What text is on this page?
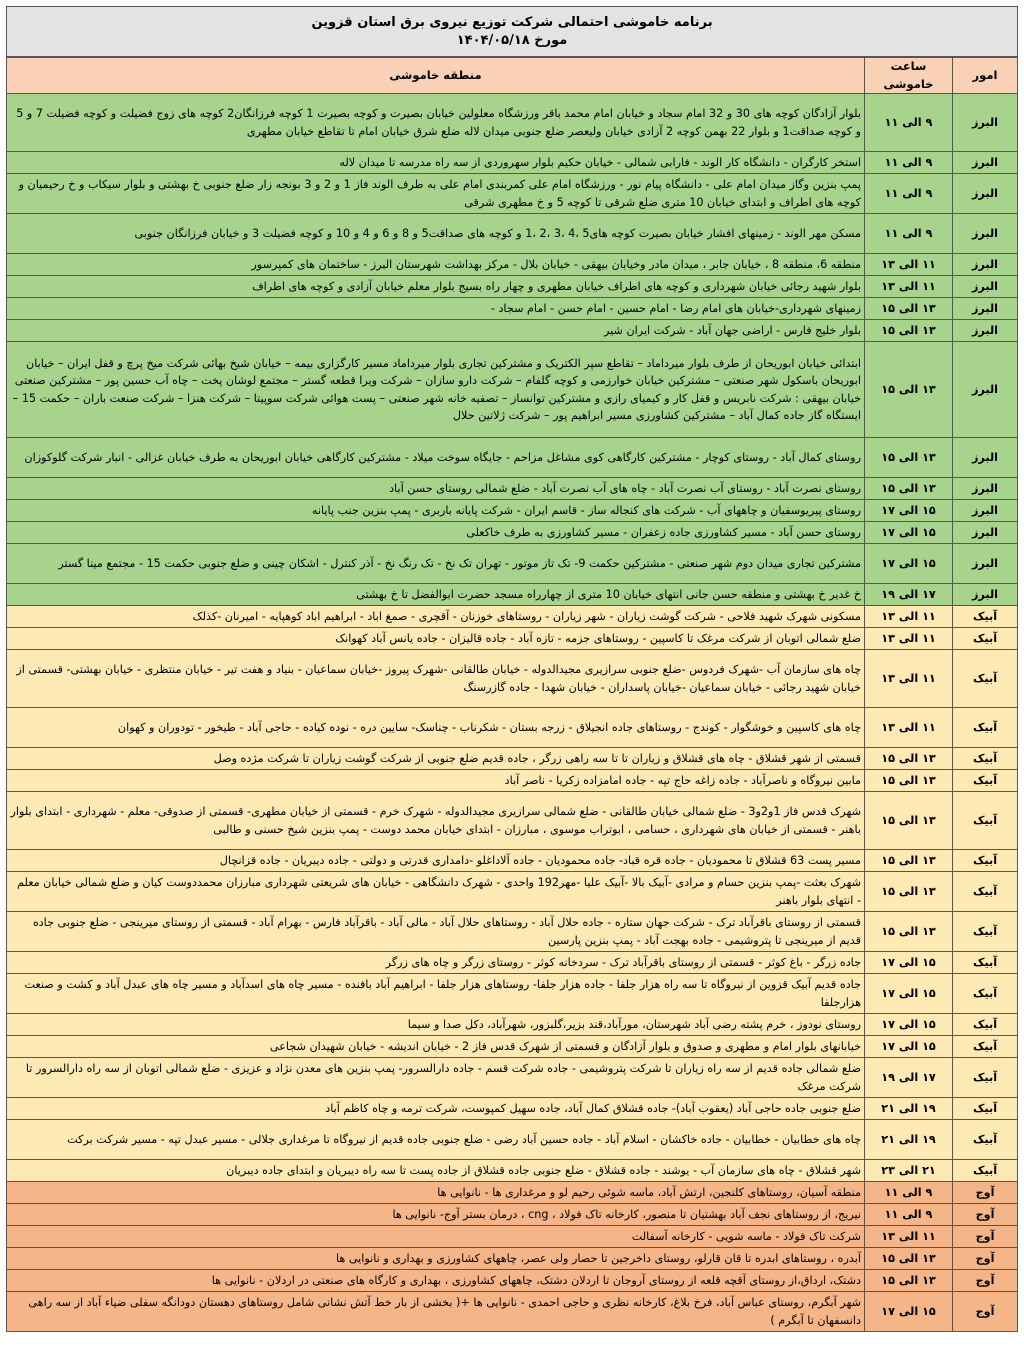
برنامه خاموشی احتمالی شرکت توزیع نیروی برق استان قزوین
مورخ ۱۴۰۴/۰۵/۱۸
امور	ساعت خاموشی	منطقه خاموشی
البرز	۹ الی ۱۱	بلوار آزادگان کوچه های 30 و 32 امام سجاد و خیابان امام محمد باقر ورزشگاه معلولین خیابان بصیرت و کوچه بصیرت 1 کوچه فرزانگان2 کوچه های زوج فضیلت و کوچه فضیلت 7 و 5 و کوچه صداقت1 و بلوار 22 بهمن کوچه 2 آزادی خیابان ولیعصر ضلع جنوبی میدان لاله ضلع شرق خیابان امام تا تقاطع خیابان مطهری
البرز	۹ الی ۱۱	استخر کارگران - دانشگاه کار الوند - فارابی شمالی - خیابان حکیم بلوار سهروردی از سه راه مدرسه تا میدان لاله
البرز	۹ الی ۱۱	پمپ بنزین وگاز میدان امام علی - دانشگاه پیام نور - ورزشگاه امام علی کمربندی امام علی به طرف الوند فاز 1 و 2 و 3 بونجه زار ضلع جنوبی خ بهشتی و بلوار سیکاب و خ رحیمیان و کوچه های اطراف و ابتدای خیابان 10 متری ضلع شرقی تا کوچه 5 و خ مطهری شرقی
البرز	۹ الی ۱۱	مسکن مهر الوند - زمینهای افشار خیابان بصیرت کوچه های5 ،4 ،3 ،2 ،1 و کوچه های صداقت5 و 8 و 6 و 4 و 10 و کوچه فضیلت 3 و خیابان فرزانگان جنوبی
البرز	۱۱ الی ۱۳	منطقه 6، منطقه 8 ، خیابان جابر ، میدان مادر وخیابان بیهقی - خیابان بلال - مرکز بهداشت شهرستان البرز - ساختمان های کمپرسور
البرز	۱۱ الی ۱۳	بلوار شهید رجائی خیابان شهرداری و کوچه های اطراف خیابان مطهری و چهار راه بسیج بلوار معلم خیابان آزادی و کوچه های اطراف
البرز	۱۳ الی ۱۵	زمینهای شهرداری-خیابان های امام رضا - امام حسین - امام حسن - امام سجاد -
البرز	۱۳ الی ۱۵	بلوار خلیج فارس - اراضی جهان آباد - شرکت ایران شیر
البرز	۱۳ الی ۱۵	ابتدائی خیابان ابوریحان از طرف بلوار میرداماد – تقاطع سپر الکتریک و مشترکین تجاری بلوار میرداماد مسیر کارگزاری بیمه – خیابان شیخ بهائی شرکت میخ پرچ و قفل ایران – خیابان ابوریحان باسکول شهر صنعتی – مشترکین خیابان خوارزمی و کوچه گلفام – شرکت دارو سازان – شرکت ویرا قطعه گستر – مجتمع لوشان پخت – چاه آب حسین پور – مشترکین صنعتی خیابان بیهقی : شرکت نابریس و قفل کار و کیمیای رازی و مشترکین توانساز – تصفیه خانه شهر صنعتی – پست هوائی شرکت سوپیتا – شرکت هنزا – شرکت صنعت باران – حکمت 15 – ایستگاه گاز جاده کمال آباد – مشترکین کشاورزی مسیر ابراهیم پور – شرکت ژلاتین حلال
البرز	۱۳ الی ۱۵	روستای کمال آباد - روستای کوچار - مشترکین کارگاهی کوی مشاغل مزاحم - جایگاه سوخت میلاد - مشترکین کارگاهی خیابان ابوریحان به طرف خیابان غزالی - انبار شرکت گلوکوزان
البرز	۱۳ الی ۱۵	روستای نصرت آباد - روستای آب نصرت آباد - چاه های آب نصرت آباد - ضلع شمالی روستای حسن آباد
البرز	۱۵ الی ۱۷	روستای پیریوسفیان و چاههای آب - شرکت های کنجاله ساز - قاسم ایران - شرکت پایانه باربری - پمپ بنزین جنب پایانه
البرز	۱۵ الی ۱۷	روستای حسن آباد - مسیر کشاورزی جاده زعفران - مسیر کشاورزی به طرف خاکعلی
البرز	۱۵ الی ۱۷	مشترکین تجاری میدان دوم شهر صنعتی - مشترکین حکمت 9- تک تاز موتور - تهران تک نخ - تک رنگ نخ - آذر کنترل - اشکان چینی و ضلع جنوبی حکمت 15 - مجتمع مینا گستر
البرز	۱۷ الی ۱۹	خ غدیر خ بهشتی و منطقه حسن جانی انتهای خیابان 10 متری از چهارراه مسجد حضرت ابوالفضل تا خ بهشتی
آبیک	۱۱ الی ۱۳	مسکونی شهرک شهید فلاحی - شرکت گوشت زیاران - شهر زیاران - روستاهای خوزنان - آقچری - صمغ اباد - ابراهیم اباد کوهپایه - امیرنان -کذلک
آبیک	۱۱ الی ۱۳	ضلع شمالی اتوبان از شرکت مرغک تا کاسپین - روستاهای جزمه - تازه آباد - جاده قالیزان - جاده یانس آباد کهوانک
آبیک	۱۱ الی ۱۳	چاه های سازمان آب -شهرک فردوس -ضلع جنوبی سرازیری مجیدالدوله - خیابان طالقانی -شهرک پیروز -خیابان سماعیان - بنیاد و هفت تیر - خیابان منتظری - خیابان بهشتی- قسمتی از خیابان شهید رجائی - خیابان سماعیان -خیابان پاسداران - خیابان شهدا - جاده گازرسنگ
آبیک	۱۱ الی ۱۳	چاه های کاسپین و خوشگوار - کوندج - روستاهای جاده انجیلاق - زرجه بستان - شکرناب - چناسک- سایین دره - نوده کیاده - حاجی آباد - طیخور - تودوران و کهوان
آبیک	۱۳ الی ۱۵	قسمتی از شهر قشلاق - چاه های قشلاق و زیاران تا تا سه راهی زرگر ، جاده قدیم ضلع جنوبی از شرکت گوشت زیاران تا شرکت مژده وصل
آبیک	۱۳ الی ۱۵	مابین نیروگاه و ناصرآباد - جاده زاغه حاج تپه - جاده امامزاده زکریا - ناصر آباد
آبیک	۱۳ الی ۱۵	شهرک قدس فاز 1و2و3 - ضلع شمالی خیابان طالقانی - ضلع شمالی سرازیری مجیدالدوله - شهرک خرم - قسمتی از خیابان مطهری- قسمتی از صدوقی- معلم - شهرداری - ابتدای بلوار باهنر - قسمتی از خیابان های شهرداری ، حسامی ، ابوتراب موسوی ، مبارزان - ابتدای خیابان محمد دوست - پمپ بنزین شیخ حسنی و طالبی
آبیک	۱۳ الی ۱۵	مسیر پست 63 قشلاق تا محمودیان - جاده قره قباد- جاده محمودیان - جاده آلاداغلو -دامداری قدرتی و دولتی - جاده دیبریان - جاده قزانچال
آبیک	۱۳ الی ۱۵	شهرک بعثت -پمپ بنزین حسام و مرادی -آبیک بالا -آبیک علیا -مهر192 واحدی - شهرک دانشگاهی - خیابان های شریعتی شهرداری مبارزان محمددوست کیان و ضلع شمالی خیابان معلم - انتهای بلوار باهنر
آبیک	۱۳ الی ۱۵	قسمتی از روستای باقرآباد ترک - شرکت جهان ستاره - جاده حلال آباد - روستاهای حلال آباد - مالی آباد - باقرآباد فارس - بهرام آباد - قسمتی از روستای میرینجی - ضلع جنوبی جاده قدیم از میرینجی تا پتروشیمی - جاده بهجت آباد - پمپ بنزین پارسین
آبیک	۱۵ الی ۱۷	جاده زرگر - باغ کوثر - قسمتی از روستای باقرآباد ترک - سردخانه کوثر - روستای زرگر و چاه های زرگر
آبیک	۱۵ الی ۱۷	جاده قدیم آبیک قزوین از نیروگاه تا سه راه هزار جلفا - جاده هزار جلفا- روستاهای هزار جلفا - ابراهیم آباد بافنده - مسیر چاه های اسدآباد و مسیر چاه های عبدل آباد و کشت و صنعت هزارجلفا
آبیک	۱۵ الی ۱۷	روستای نودوز ، خرم پشته رضی آباد شهرستان، مورآباد،قند بزیر،گلبزور، شهرآباد، دکل صدا و سیما
آبیک	۱۵ الی ۱۷	خیابانهای بلوار امام و مطهری و صدوق و بلوار آزادگان و قسمتی از شهرک قدس فاز 2 - خیابان اندیشه - خیابان شهیدان شجاعی
آبیک	۱۷ الی ۱۹	ضلع شمالی جاده قدیم از سه راه زیاران تا شرکت پتروشیمی - جاده شرکت قسم - جاده دارالسرور- پمپ بنزین های معدن نژاد و عزیزی - ضلع شمالی اتوبان از سه راه دارالسرور تا شرکت مرغک
آبیک	۱۹ الی ۲۱	ضلع جنوبی جاده حاجی آباد (یعقوب آباد)- جاده قشلاق کمال آباد، جاده سهیل کمپوست، شرکت ترمه و چاه کاظم آباد
آبیک	۱۹ الی ۲۱	چاه های خطابیان - خطابیان - جاده خاکشان - اسلام آباد - جاده حسین آباد رضی - ضلع جنوبی جاده قدیم از نیروگاه تا مرغداری جلالی - مسیر عبدل تپه - مسیر شرکت برکت
آبیک	۲۱ الی ۲۳	شهر قشلاق - چاه های سازمان آب - یوشند - جاده قشلاق - ضلع جنوبی جاده قشلاق از جاده پست تا سه راه دیبریان و ابتدای جاده دیبریان
آوج	۹ الی ۱۱	منطقه آسیان، روستاهای کلنجین، ارتش آباد، ماسه شوئی رحیم لو و مرغداری ها - نانوایی ها
آوج	۹ الی ۱۱	نیریج، از روستاهای نجف آباد بهشتیان تا منصور، کارخانه تاک فولاد ، cng ، درمان بستر آوج- نانوایی ها
آوج	۱۱ الی ۱۳	شرکت تاک فولاد - ماسه شویی - کارخانه آسفالت
آوج	۱۳ الی ۱۵	آبدره ، روستاهای ابدره تا قان قارلو، روستای داخرجین تا حصار ولی عصر، چاههای کشاورزی و بهداری و نانوایی ها
آوج	۱۳ الی ۱۵	دشتک، ارداق،از روستای آقچه قلعه از روستای آروجان تا اردلان دشتک، چاههای کشاورزی ، بهداری و کارگاه های صنعتی در اردلان - نانوایی ها
آوج	۱۵ الی ۱۷	شهر آبگرم، روستای عباس آباد، فرخ بلاغ، کارخانه نظری و حاجی احمدی - نانوایی ها +( بخشی از بار خط آتش نشانی شامل روستاهای دهستان دودانگه سفلی ضیاء آباد از سه راهی دانسفهان تا آبگرم )
